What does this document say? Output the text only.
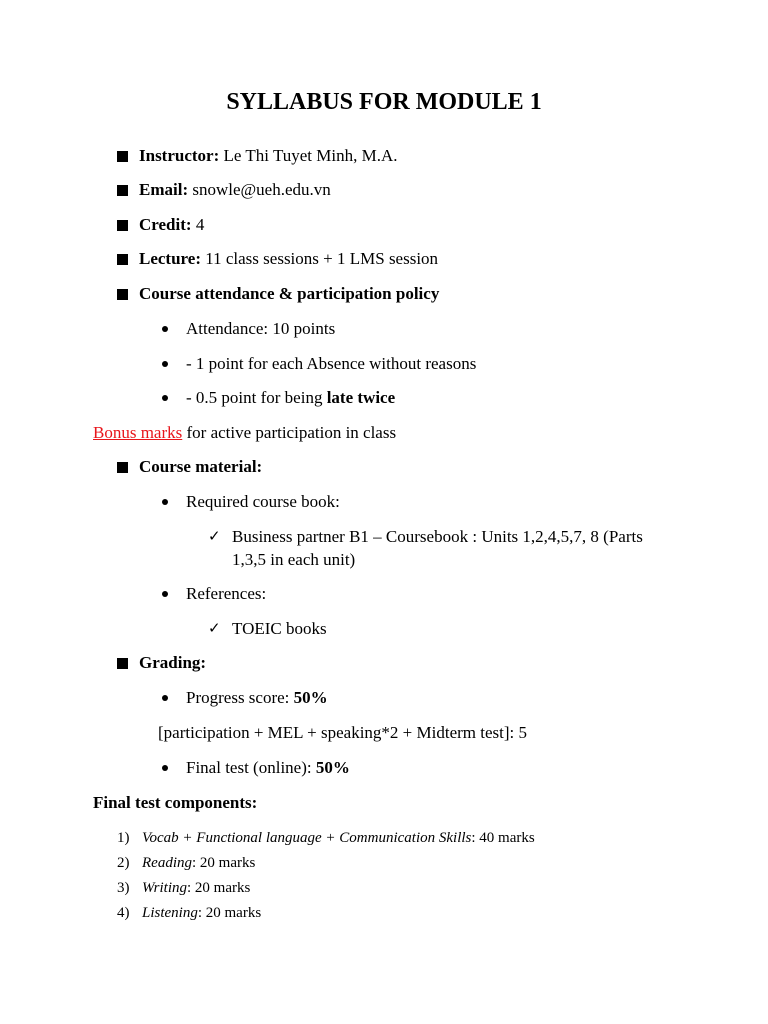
SYLLABUS FOR MODULE 1
Instructor: Le Thi Tuyet Minh, M.A.
Email: snowle@ueh.edu.vn
Credit: 4
Lecture: 11 class sessions + 1 LMS session
Course attendance & participation policy
Attendance: 10 points
- 1 point for each Absence without reasons
- 0.5 point for being late twice
Bonus marks for active participation in class
Course material:
Required course book:
✓ Business partner B1 – Coursebook : Units 1,2,4,5,7, 8 (Parts
1,3,5 in each unit)
References:
✓ TOEIC books
Grading:
Progress score: 50%
[participation + MEL + speaking*2 + Midterm test]: 5
Final test (online): 50%
Final test components:
1) Vocab + Functional language + Communication Skills: 40 marks
2) Reading: 20 marks
3) Writing: 20 marks
4) Listening: 20 marks
